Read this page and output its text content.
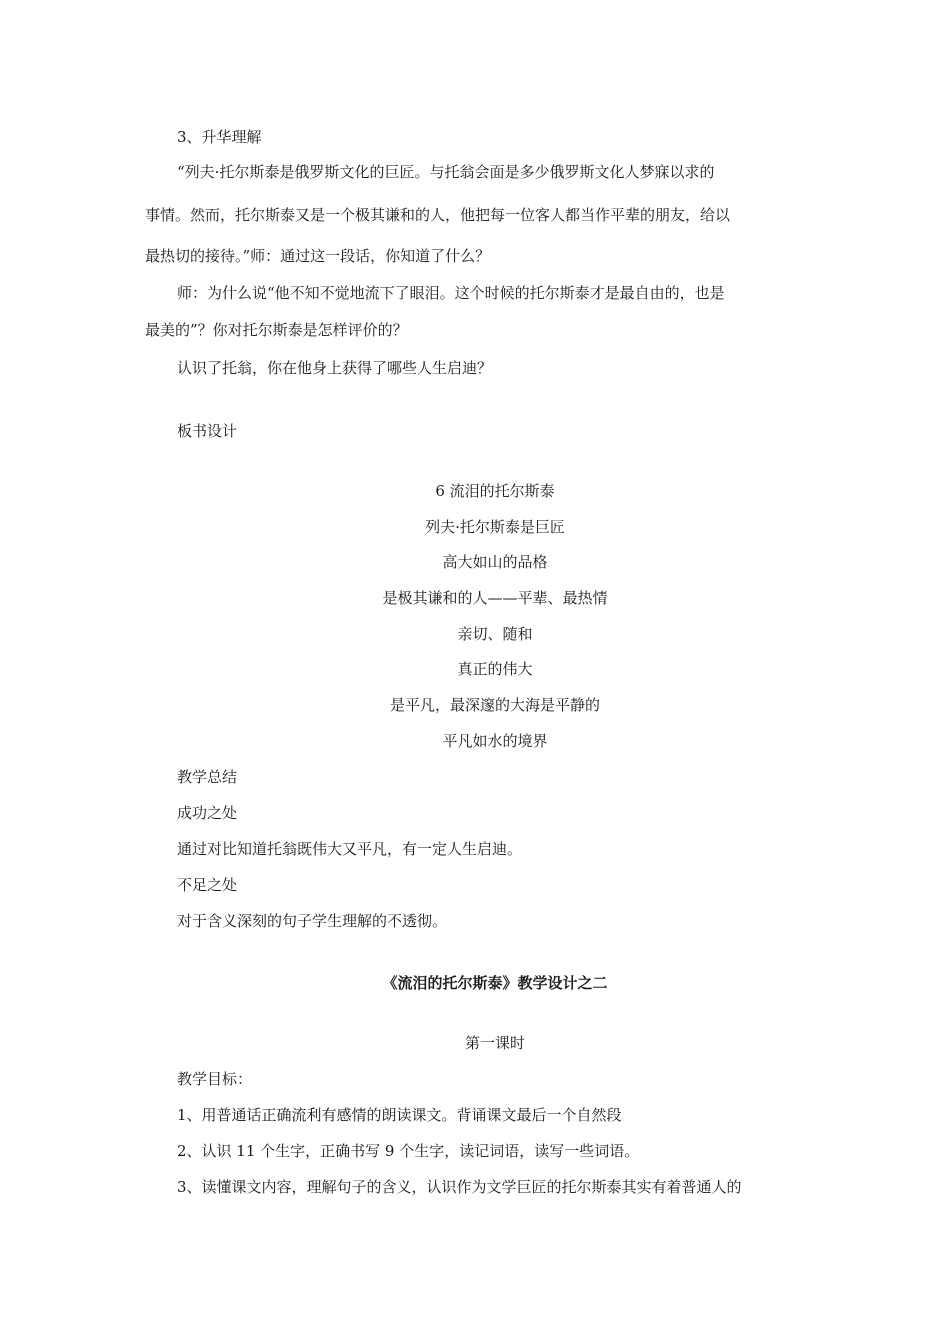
3、升华理解
“列夫·托尔斯泰是俄罗斯文化的巨匠。与托翁会面是多少俄罗斯文化人梦寐以求的
事情。然而，托尔斯泰又是一个极其谦和的人，他把每一位客人都当作平辈的朋友，给以
最热切的接待。”师：通过这一段话，你知道了什么？
师：为什么说“他不知不觉地流下了眼泪。这个时候的托尔斯泰才是最自由的，也是
最美的”？你对托尔斯泰是怎样评价的？
认识了托翁，你在他身上获得了哪些人生启迪？
板书设计
6 流泪的托尔斯泰
列夫·托尔斯泰是巨匠
高大如山的品格
是极其谦和的人——平辈、最热情
亲切、随和
真正的伟大
是平凡，最深邃的大海是平静的
平凡如水的境界
教学总结
成功之处
通过对比知道托翁既伟大又平凡，有一定人生启迪。
不足之处
对于含义深刻的句子学生理解的不透彻。
《流泪的托尔斯泰》教学设计之二
第一课时
教学目标：
1、用普通话正确流利有感情的朗读课文。背诵课文最后一个自然段
2、认识 11 个生字，正确书写 9 个生字，读记词语，读写一些词语。
3、读懂课文内容，理解句子的含义，认识作为文学巨匠的托尔斯泰其实有着普通人的
